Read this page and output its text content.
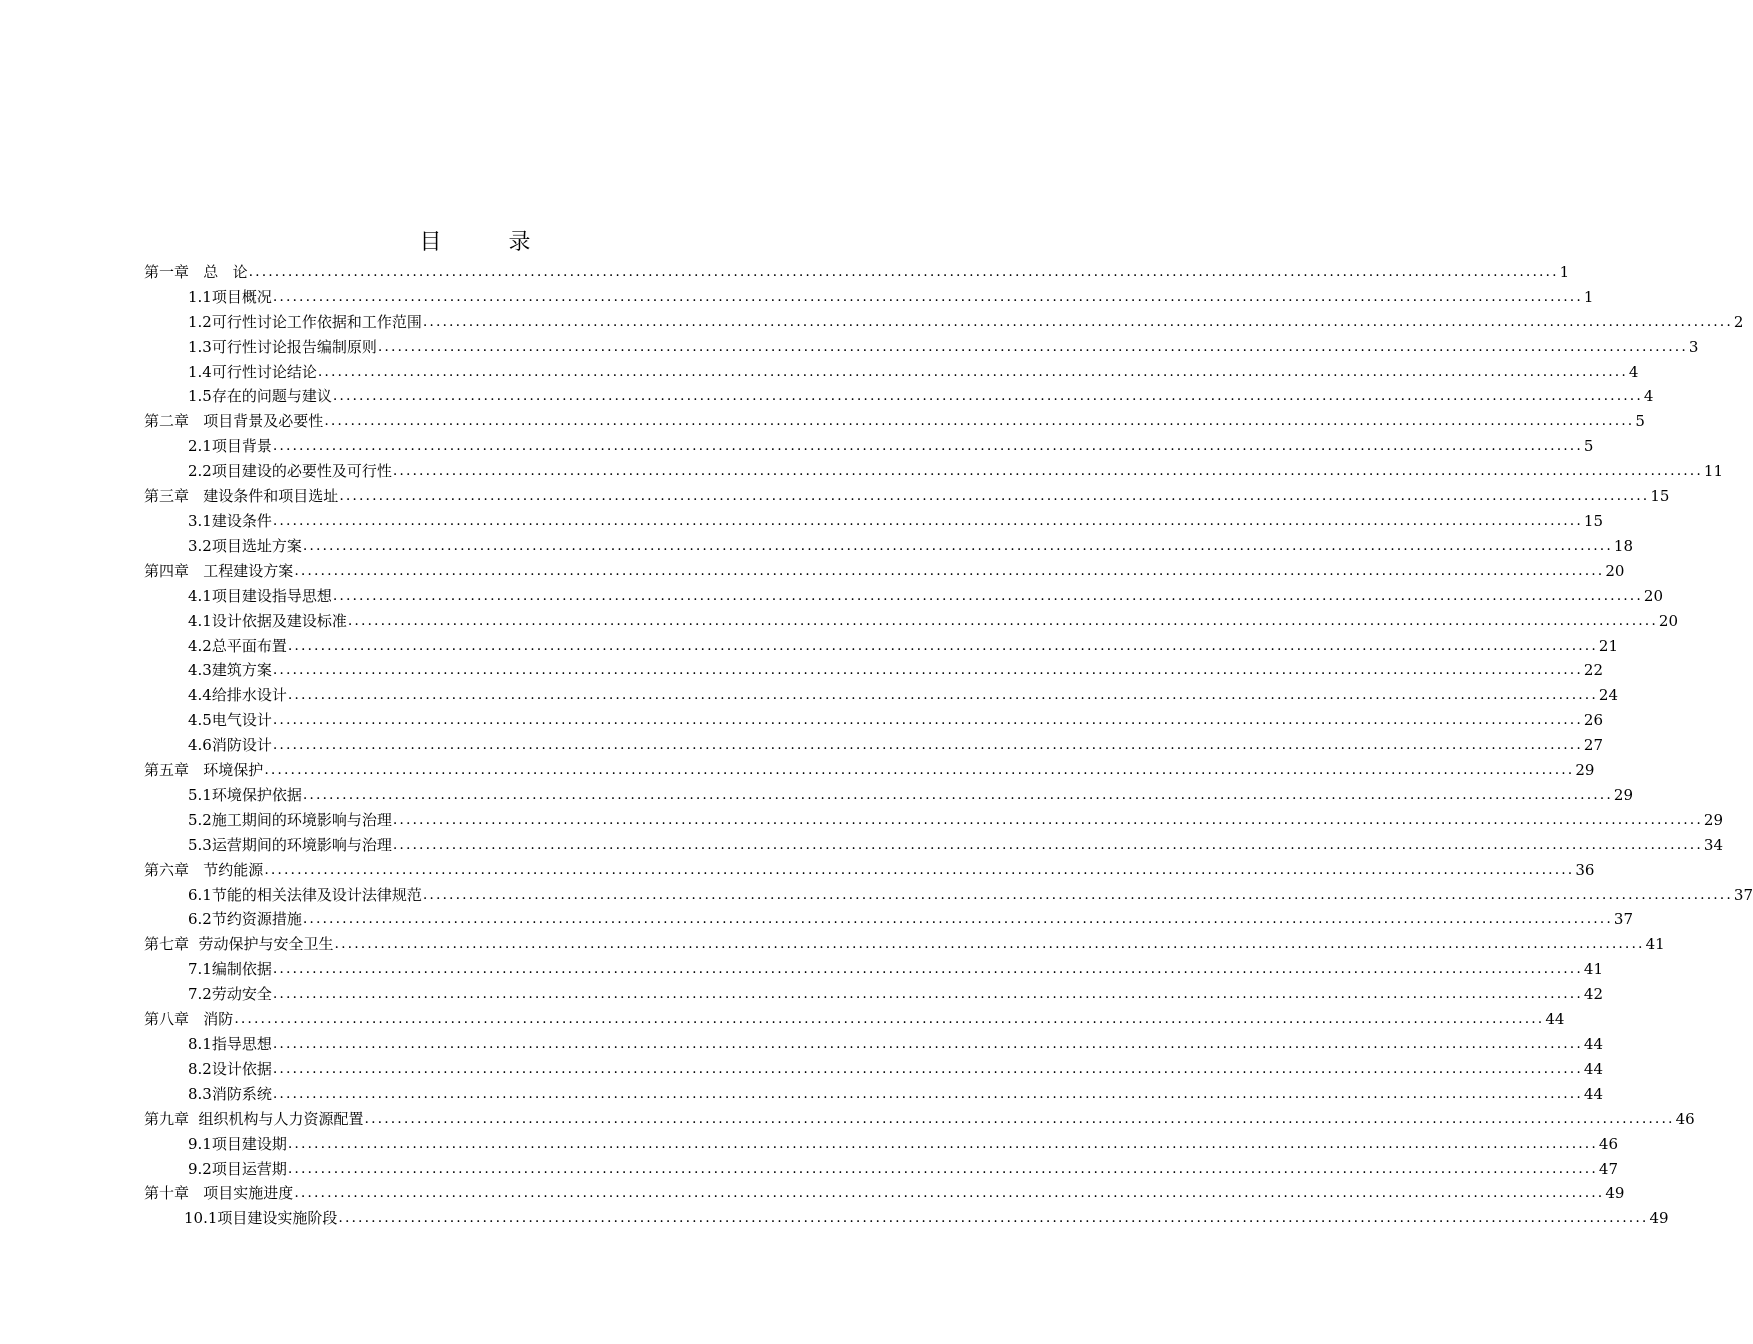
目 录
第一章   总   论 ........................................................................................................................................................................................................ 1
1.1项目概况 ........................................................................................................................................................................................................ 1
1.2可行性讨论工作依据和工作范围 ........................................................................................................................................................................................................ 2
1.3可行性讨论报告编制原则 ........................................................................................................................................................................................................ 3
1.4可行性讨论结论 ........................................................................................................................................................................................................ 4
1.5存在的问题与建议 ........................................................................................................................................................................................................ 4
第二章   项目背景及必要性 ........................................................................................................................................................................................................ 5
2.1项目背景 ........................................................................................................................................................................................................ 5
2.2项目建设的必要性及可行性 ........................................................................................................................................................................................................ 11
第三章   建设条件和项目选址 ........................................................................................................................................................................................................ 15
3.1建设条件 ........................................................................................................................................................................................................ 15
3.2项目选址方案 ........................................................................................................................................................................................................ 18
第四章   工程建设方案 ........................................................................................................................................................................................................ 20
4.1项目建设指导思想 ........................................................................................................................................................................................................ 20
4.1设计依据及建设标准 ........................................................................................................................................................................................................ 20
4.2总平面布置 ........................................................................................................................................................................................................ 21
4.3建筑方案 ........................................................................................................................................................................................................ 22
4.4给排水设计 ........................................................................................................................................................................................................ 24
4.5电气设计 ........................................................................................................................................................................................................ 26
4.6消防设计 ........................................................................................................................................................................................................ 27
第五章   环境保护 ........................................................................................................................................................................................................ 29
5.1环境保护依据 ........................................................................................................................................................................................................ 29
5.2施工期间的环境影响与治理 ........................................................................................................................................................................................................ 29
5.3运营期间的环境影响与治理 ........................................................................................................................................................................................................ 34
第六章   节约能源 ........................................................................................................................................................................................................ 36
6.1节能的相关法律及设计法律规范 ........................................................................................................................................................................................................ 37
6.2节约资源措施 ........................................................................................................................................................................................................ 37
第七章  劳动保护与安全卫生 ........................................................................................................................................................................................................ 41
7.1编制依据 ........................................................................................................................................................................................................ 41
7.2劳动安全 ........................................................................................................................................................................................................ 42
第八章   消防 ........................................................................................................................................................................................................ 44
8.1指导思想 ........................................................................................................................................................................................................ 44
8.2设计依据 ........................................................................................................................................................................................................ 44
8.3消防系统 ........................................................................................................................................................................................................ 44
第九章  组织机构与人力资源配置 ........................................................................................................................................................................................................ 46
9.1项目建设期 ........................................................................................................................................................................................................ 46
9.2项目运营期 ........................................................................................................................................................................................................ 47
第十章   项目实施进度 ........................................................................................................................................................................................................ 49
10.1项目建设实施阶段 ........................................................................................................................................................................................................ 49
